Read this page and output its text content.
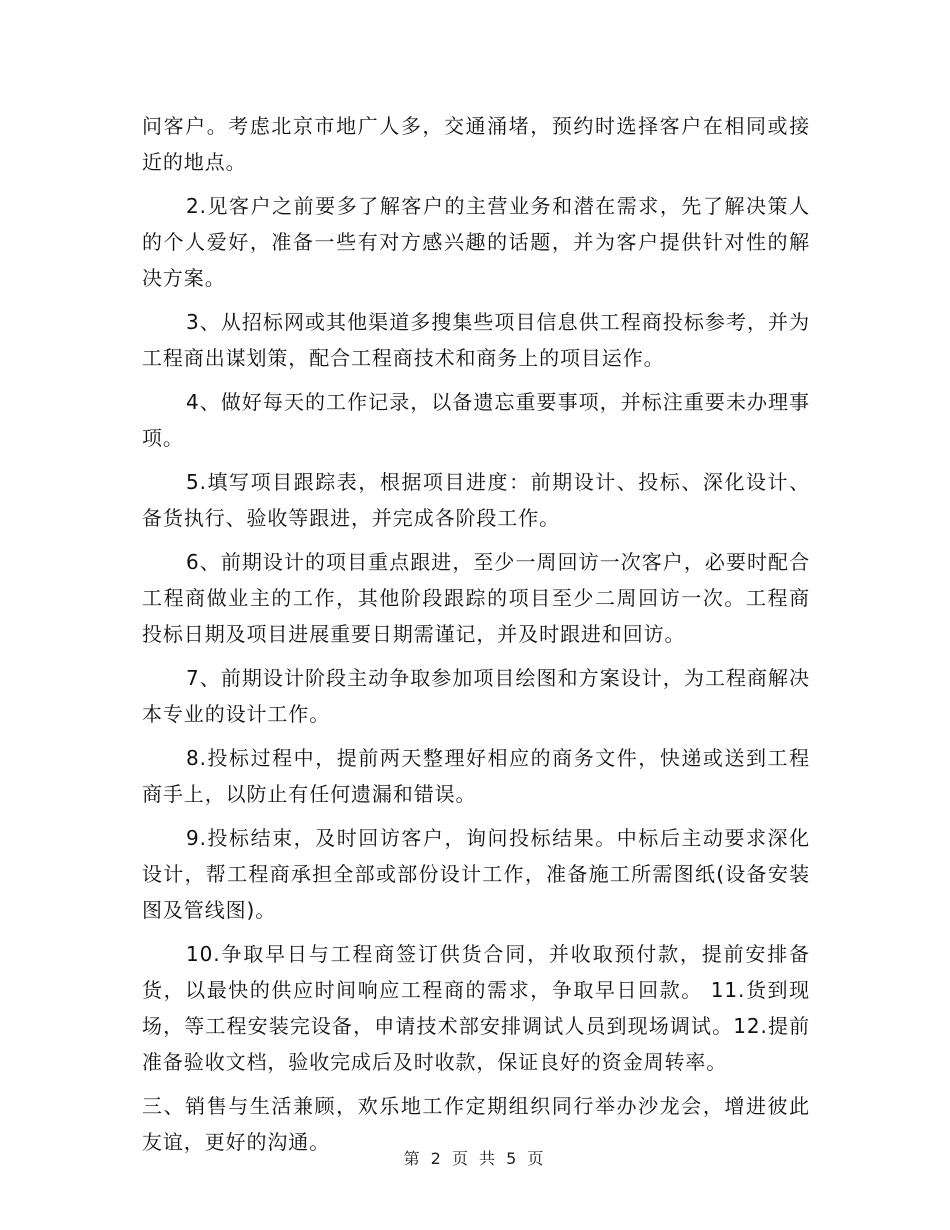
问客户。考虑北京市地广人多，交通涌堵，预约时选择客户在相同或接近的地点。

2.见客户之前要多了解客户的主营业务和潜在需求，先了解决策人的个人爱好，准备一些有对方感兴趣的话题，并为客户提供针对性的解决方案。

3、从招标网或其他渠道多搜集些项目信息供工程商投标参考，并为工程商出谋划策，配合工程商技术和商务上的项目运作。

4、做好每天的工作记录，以备遗忘重要事项，并标注重要未办理事项。

5.填写项目跟踪表，根据项目进度：前期设计、投标、深化设计、备货执行、验收等跟进，并完成各阶段工作。

6、前期设计的项目重点跟进，至少一周回访一次客户，必要时配合工程商做业主的工作，其他阶段跟踪的项目至少二周回访一次。工程商投标日期及项目进展重要日期需谨记，并及时跟进和回访。

7、前期设计阶段主动争取参加项目绘图和方案设计，为工程商解决本专业的设计工作。

8.投标过程中，提前两天整理好相应的商务文件，快递或送到工程商手上，以防止有任何遗漏和错误。

9.投标结束，及时回访客户，询问投标结果。中标后主动要求深化设计，帮工程商承担全部或部份设计工作，准备施工所需图纸(设备安装图及管线图)。

10.争取早日与工程商签订供货合同，并收取预付款，提前安排备货，以最快的供应时间响应工程商的需求，争取早日回款。 11.货到现场，等工程安装完设备，申请技术部安排调试人员到现场调试。12.提前准备验收文档，验收完成后及时收款，保证良好的资金周转率。

三、销售与生活兼顾，欢乐地工作定期组织同行举办沙龙会，增进彼此友谊，更好的沟通。

第 2 页 共 5 页
